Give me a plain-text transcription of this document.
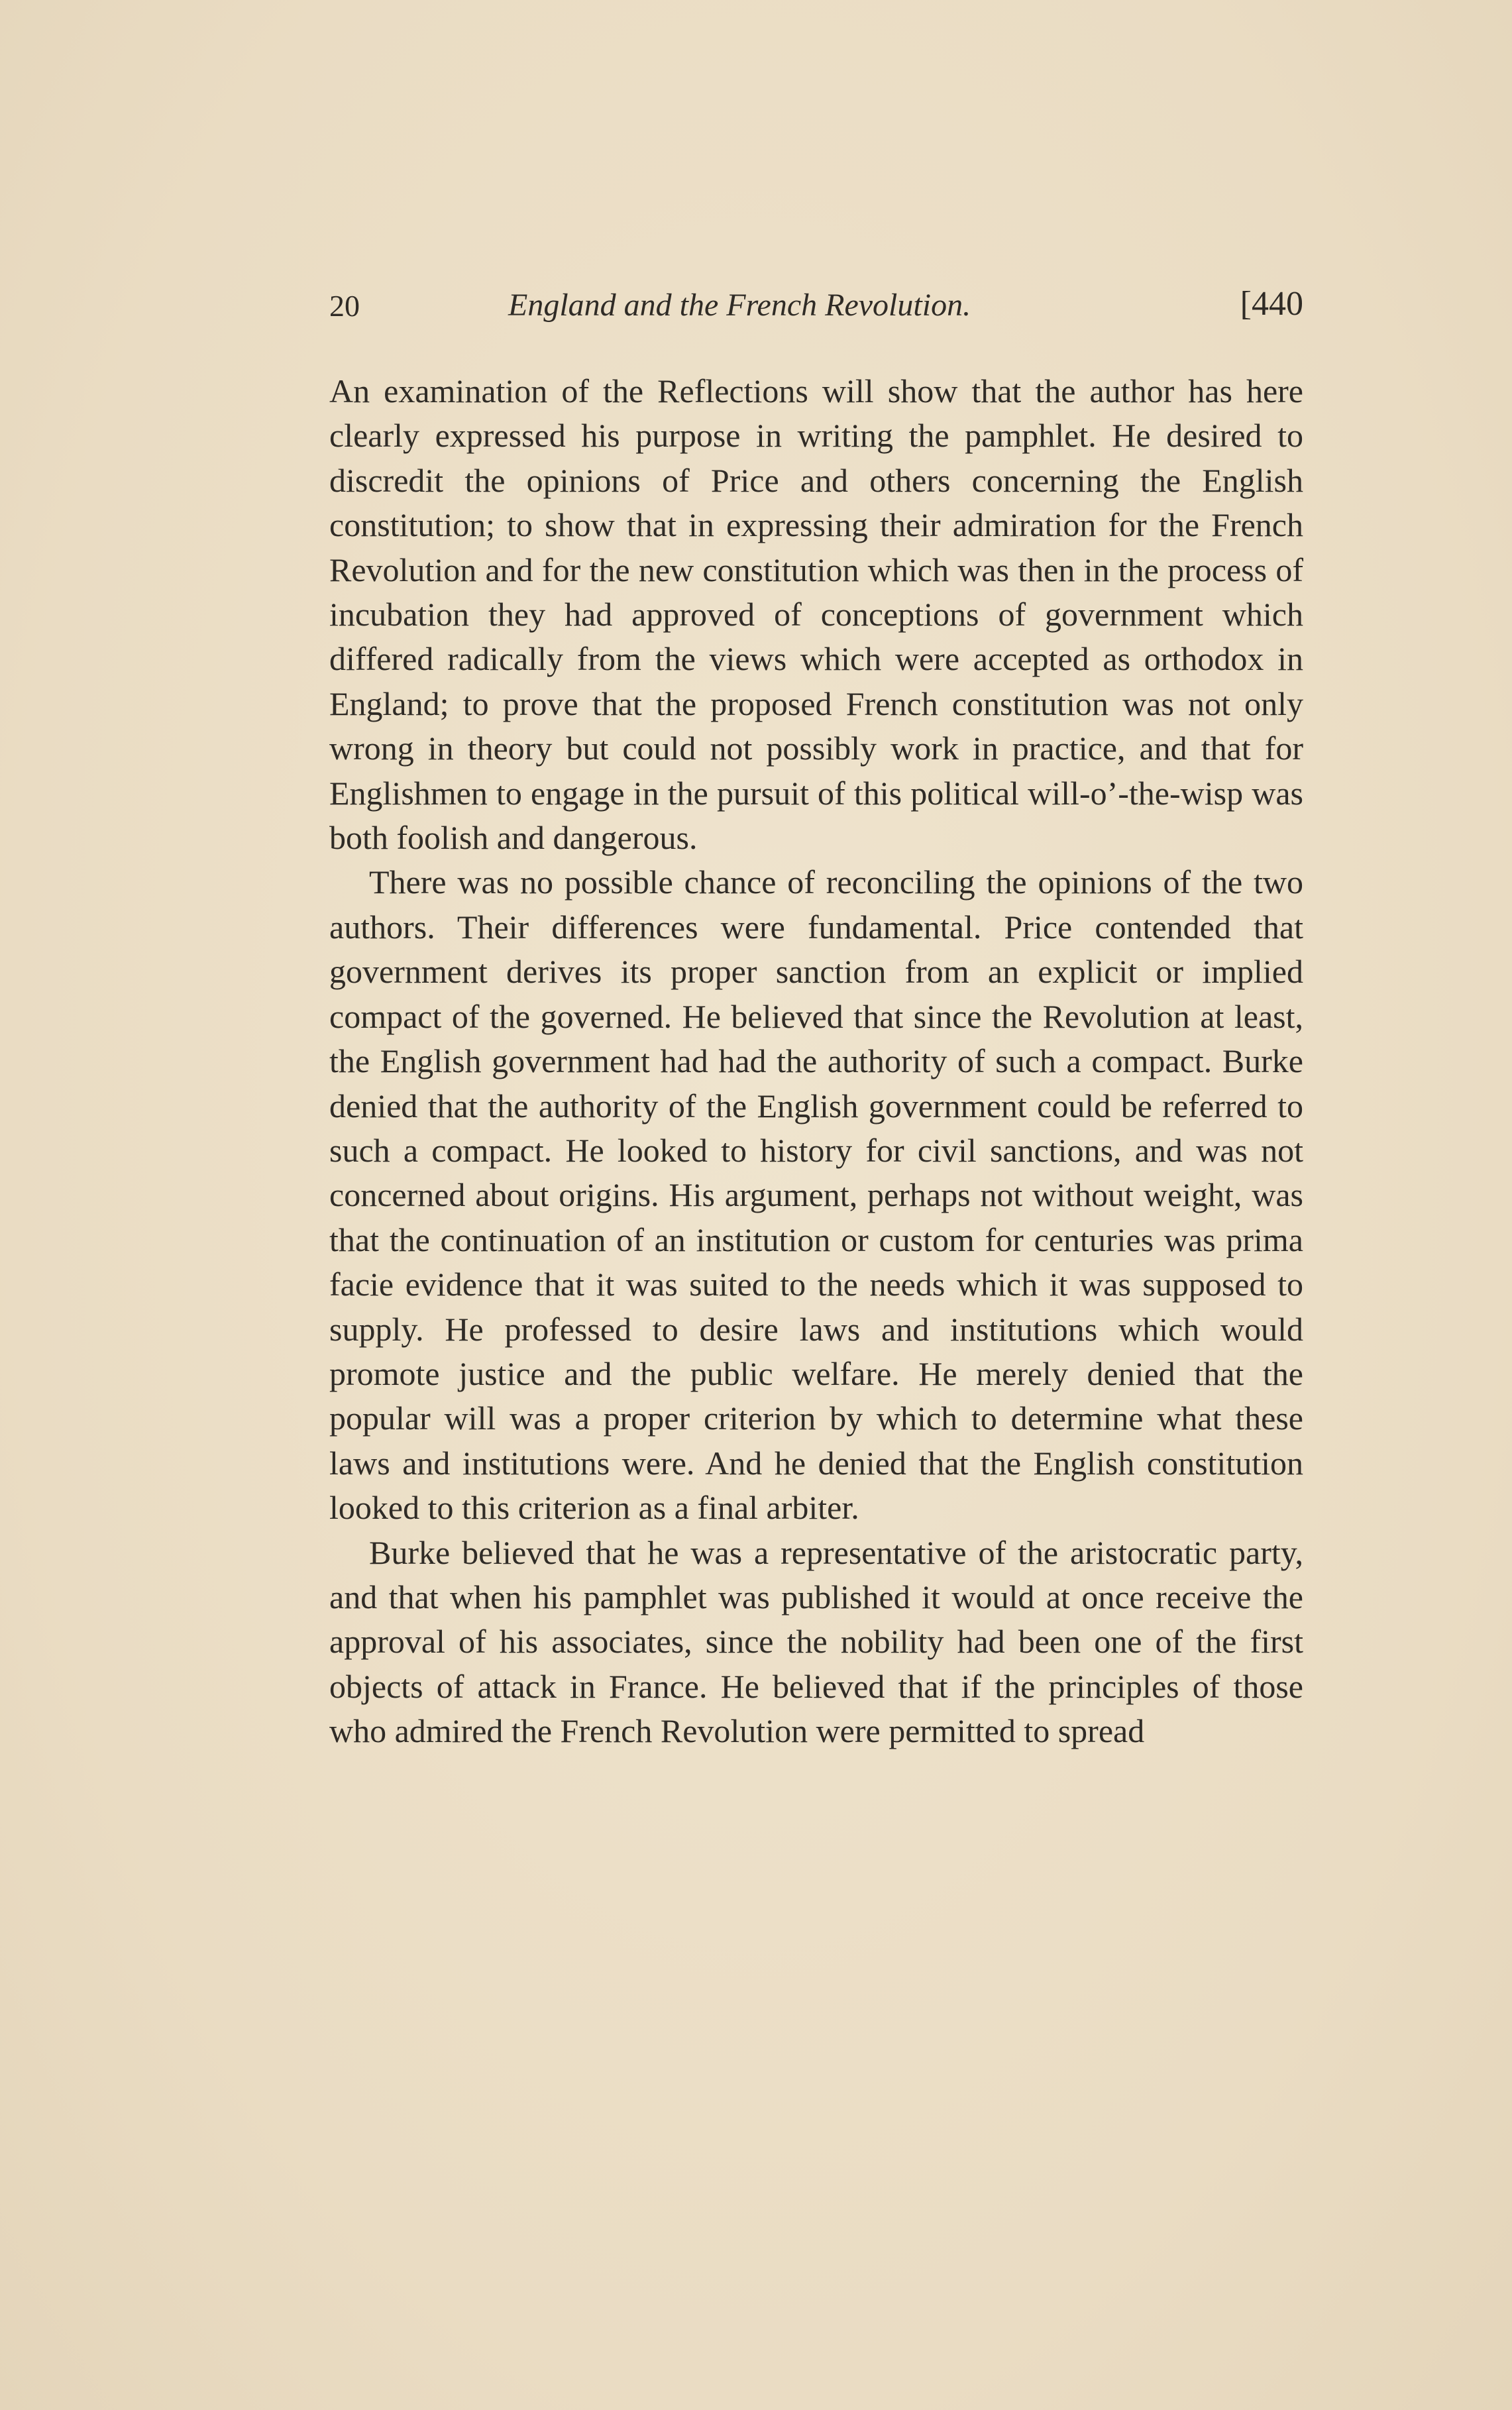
20	England and the French Revolution.	[440

An examination of the Reflections will show that the author has here clearly expressed his purpose in writing the pamphlet. He desired to discredit the opinions of Price and others concerning the English constitution; to show that in expressing their admiration for the French Revolution and for the new constitution which was then in the process of incubation they had approved of conceptions of government which differed radically from the views which were accepted as orthodox in England; to prove that the proposed French constitution was not only wrong in theory but could not possibly work in practice, and that for Englishmen to engage in the pursuit of this political will-o’-the-wisp was both foolish and dangerous.

There was no possible chance of reconciling the opinions of the two authors. Their differences were fundamental. Price contended that government derives its proper sanction from an explicit or implied compact of the governed. He believed that since the Revolution at least, the English government had had the authority of such a compact. Burke denied that the authority of the English government could be referred to such a compact. He looked to history for civil sanctions, and was not concerned about origins. His argument, perhaps not without weight, was that the continuation of an institution or custom for centuries was prima facie evidence that it was suited to the needs which it was supposed to supply. He professed to desire laws and institutions which would promote justice and the public welfare. He merely denied that the popular will was a proper criterion by which to determine what these laws and institutions were. And he denied that the English constitution looked to this criterion as a final arbiter.

Burke believed that he was a representative of the aristocratic party, and that when his pamphlet was published it would at once receive the approval of his associates, since the nobility had been one of the first objects of attack in France. He believed that if the principles of those who admired the French Revolution were permitted to spread
